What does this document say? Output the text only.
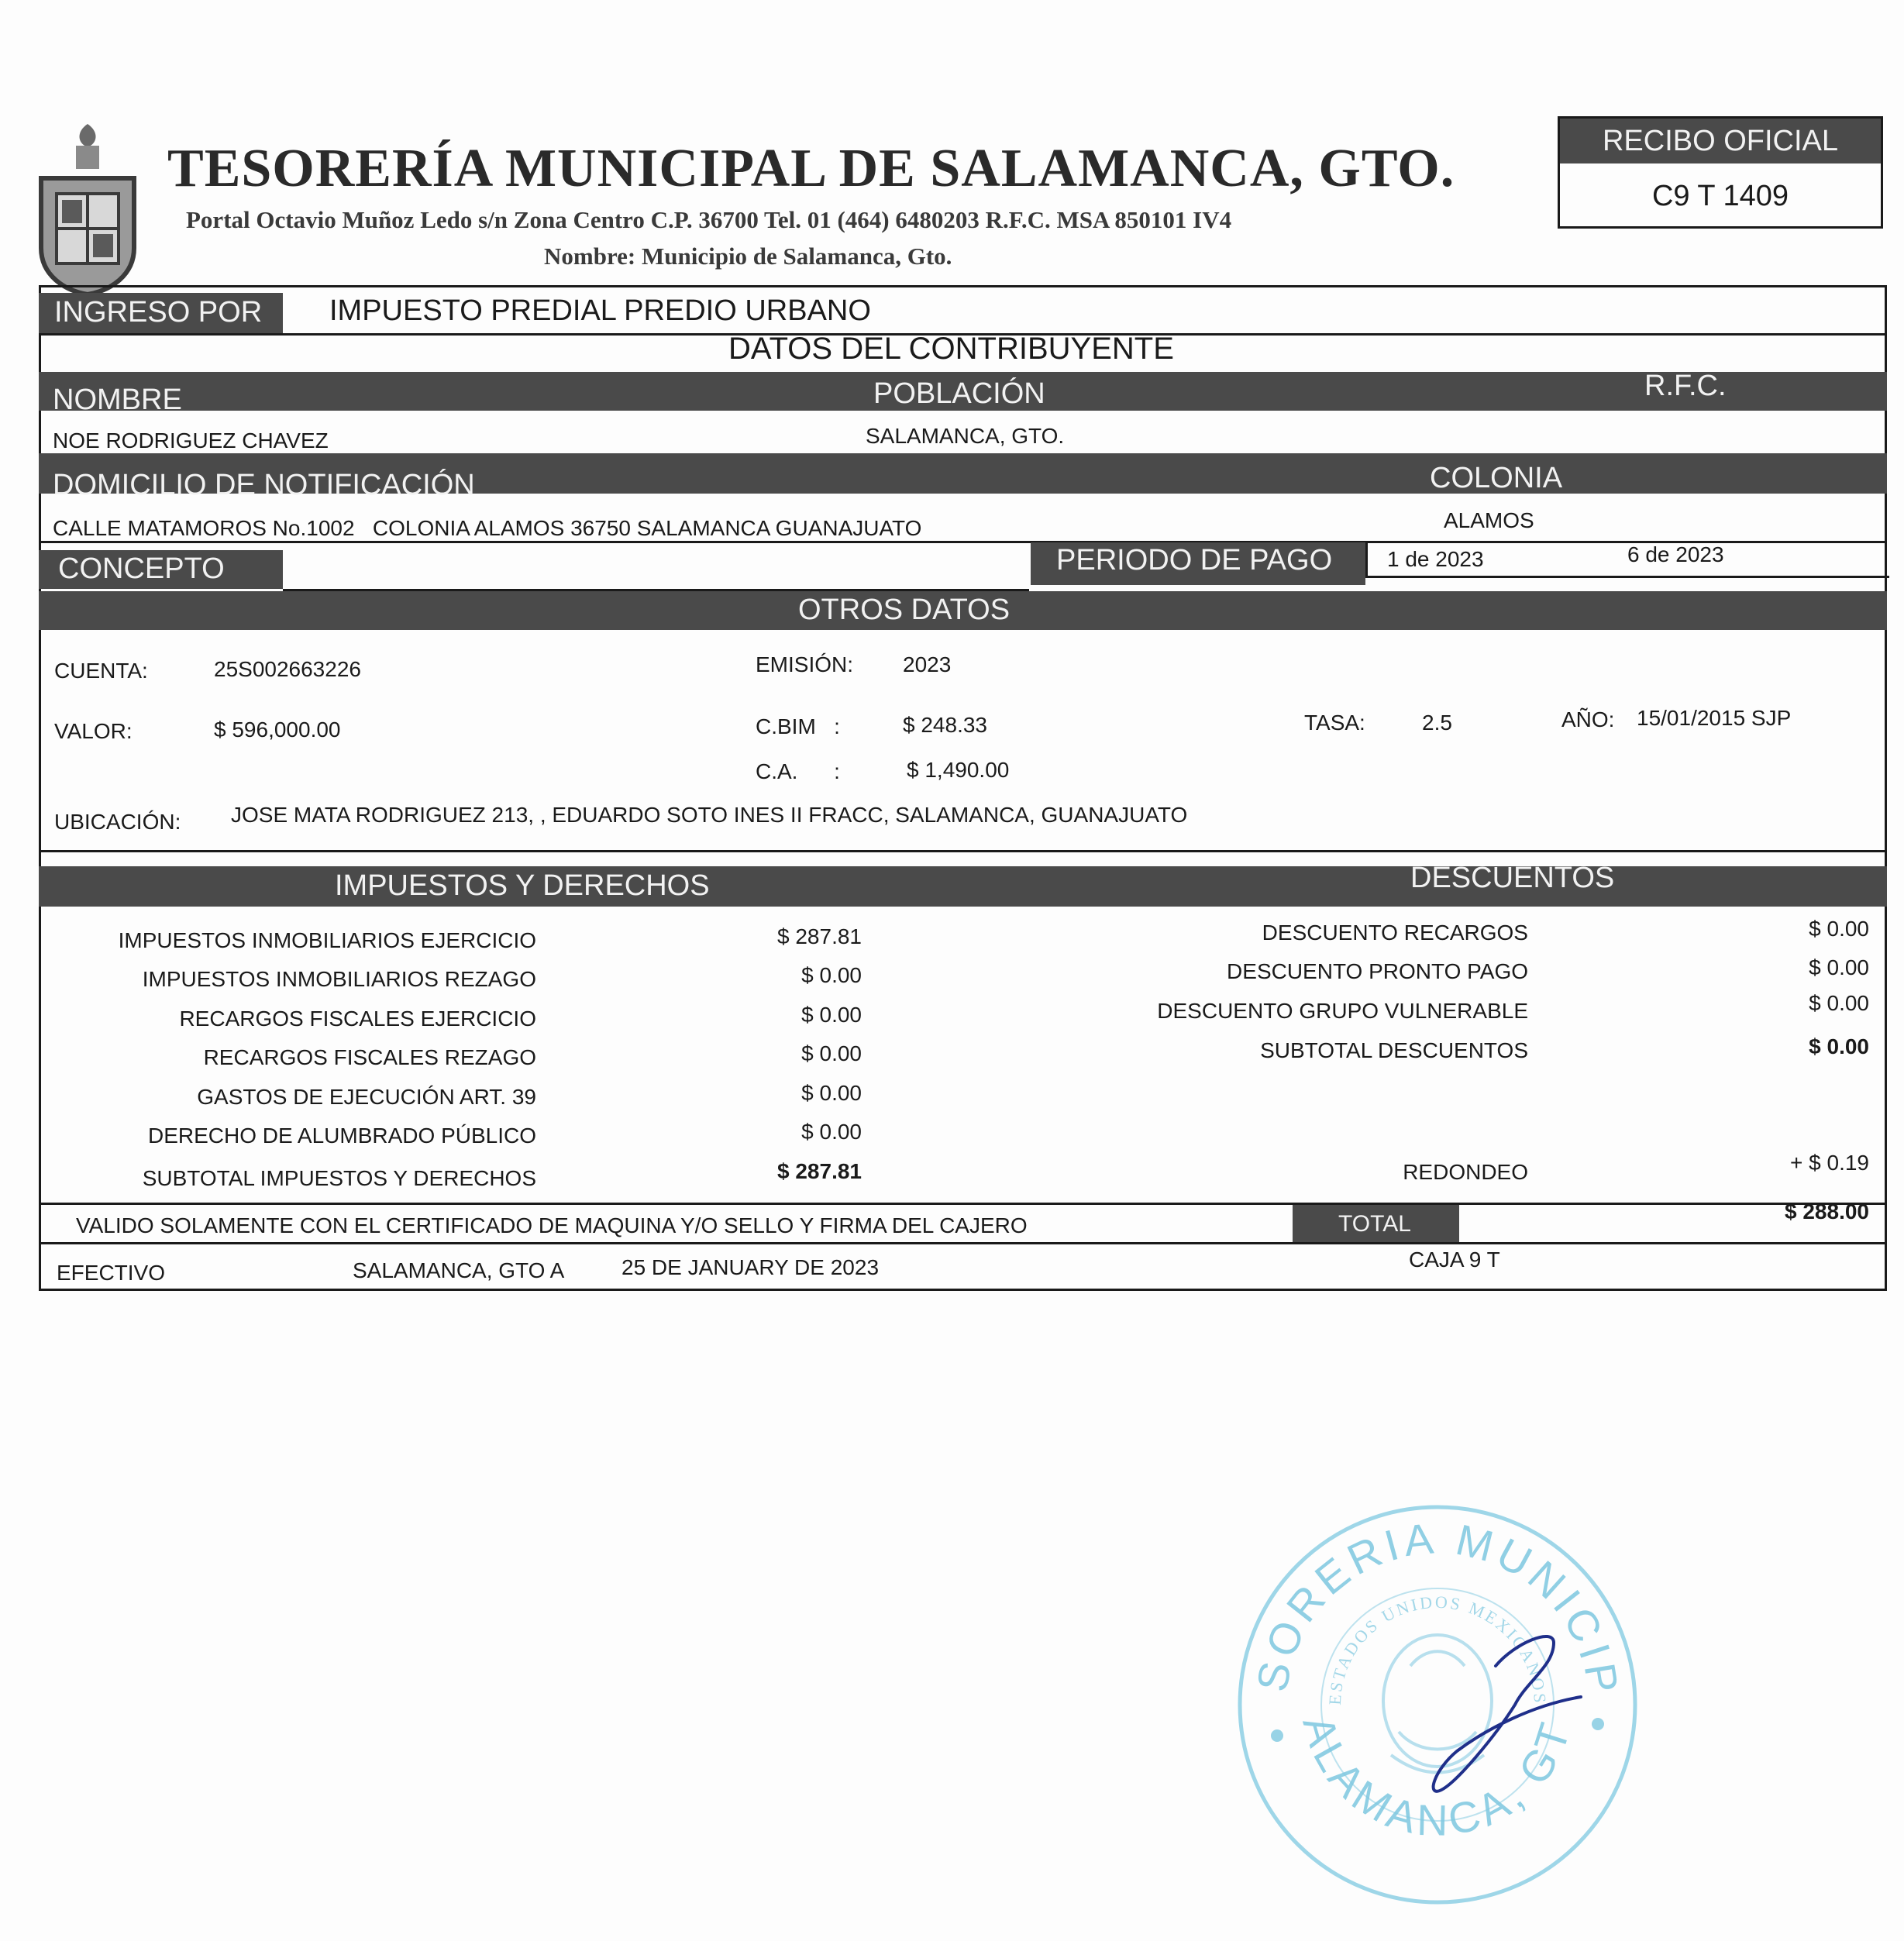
TESORERÍA MUNICIPAL DE SALAMANCA, GTO.
Portal Octavio Muñoz Ledo s/n Zona Centro C.P. 36700 Tel. 01 (464) 6480203 R.F.C. MSA 850101 IV4
Nombre: Municipio de Salamanca, Gto.
RECIBO OFICIAL
C9 T 1409
INGRESO POR IMPUESTO PREDIAL PREDIO URBANO
DATOS DEL CONTRIBUYENTE
NOMBRE	POBLACIÓN	R.F.C.
NOE RODRIGUEZ CHAVEZ	SALAMANCA, GTO.
DOMICILIO DE NOTIFICACIÓN	COLONIA
CALLE MATAMOROS No.1002   COLONIA ALAMOS 36750 SALAMANCA GUANAJUATO	ALAMOS
CONCEPTO	PERIODO DE PAGO	1 de 2023	6 de 2023
OTROS DATOS
CUENTA:	25S002663226	EMISIÓN: 2023
VALOR:	$ 596,000.00	C.BIM   :	$ 248.33	TASA:	2.5	AÑO: 15/01/2015 SJP
C.A.      :	$ 1,490.00
UBICACIÓN: JOSE MATA RODRIGUEZ 213, , EDUARDO SOTO INES II FRACC, SALAMANCA, GUANAJUATO
IMPUESTOS Y DERECHOS	DESCUENTOS
IMPUESTOS INMOBILIARIOS EJERCICIO	$ 287.81
IMPUESTOS INMOBILIARIOS REZAGO	$ 0.00
RECARGOS FISCALES EJERCICIO	$ 0.00
RECARGOS FISCALES REZAGO	$ 0.00
GASTOS DE EJECUCIÓN ART. 39	$ 0.00
DERECHO DE ALUMBRADO PÚBLICO	$ 0.00
SUBTOTAL IMPUESTOS Y DERECHOS	$ 287.81
DESCUENTO RECARGOS	$ 0.00
DESCUENTO PRONTO PAGO	$ 0.00
DESCUENTO GRUPO VULNERABLE	$ 0.00
SUBTOTAL DESCUENTOS	$ 0.00
REDONDEO	+ $ 0.19
VALIDO SOLAMENTE CON EL CERTIFICADO DE MAQUINA Y/O SELLO Y FIRMA DEL CAJERO	TOTAL	$ 288.00
EFECTIVO	SALAMANCA, GTO A	25 DE JANUARY DE 2023	CAJA 9 T
SORERIA MUNICIP
ESTADOS UNIDOS MEXICANOS
ALAMANCA, GT
